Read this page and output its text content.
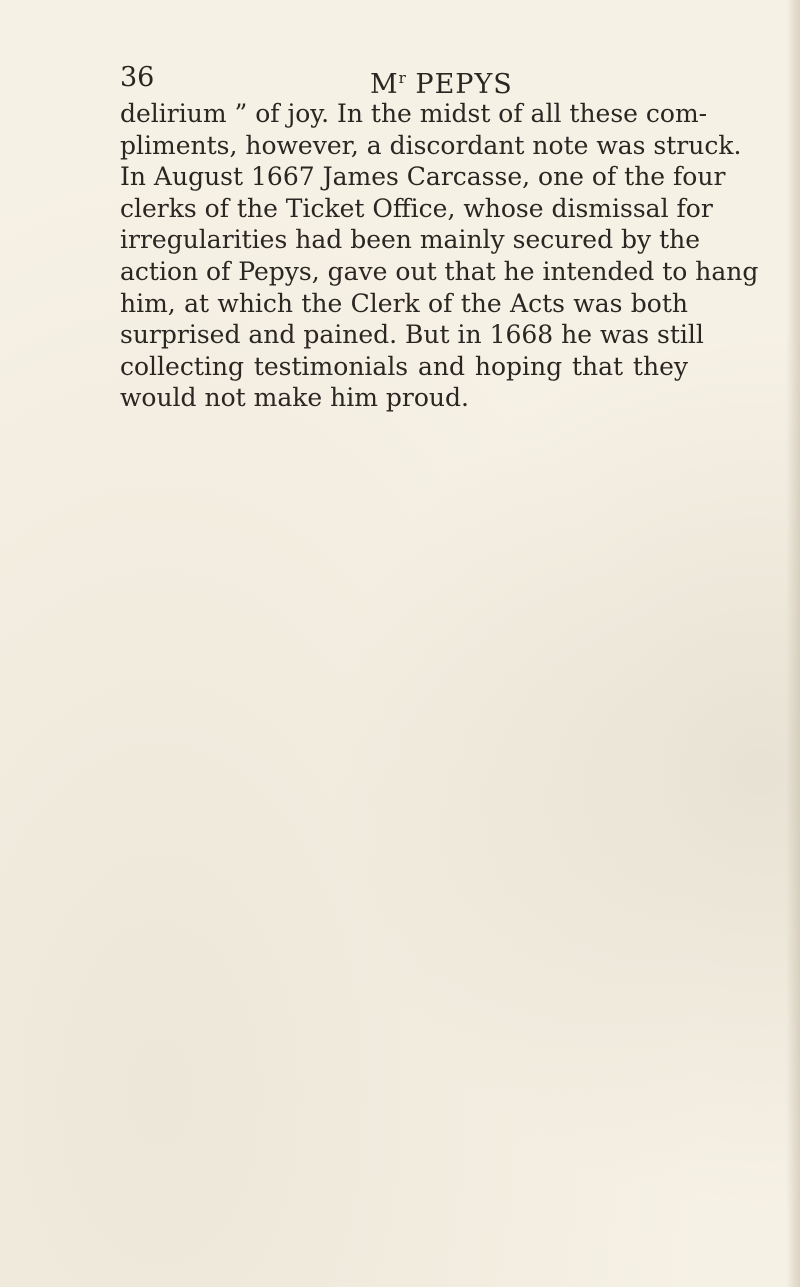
36	$M^r$ PEPYS

delirium ” of joy. In the midst of all these com-
pliments, however, a discordant note was struck.
In August 1667 James Carcasse, one of the four
clerks of the Ticket Office, whose dismissal for
irregularities had been mainly secured by the
action of Pepys, gave out that he intended to hang
him, at which the Clerk of the Acts was both
surprised and pained. But in 1668 he was still
collecting testimonials and hoping that they
would not make him proud.
